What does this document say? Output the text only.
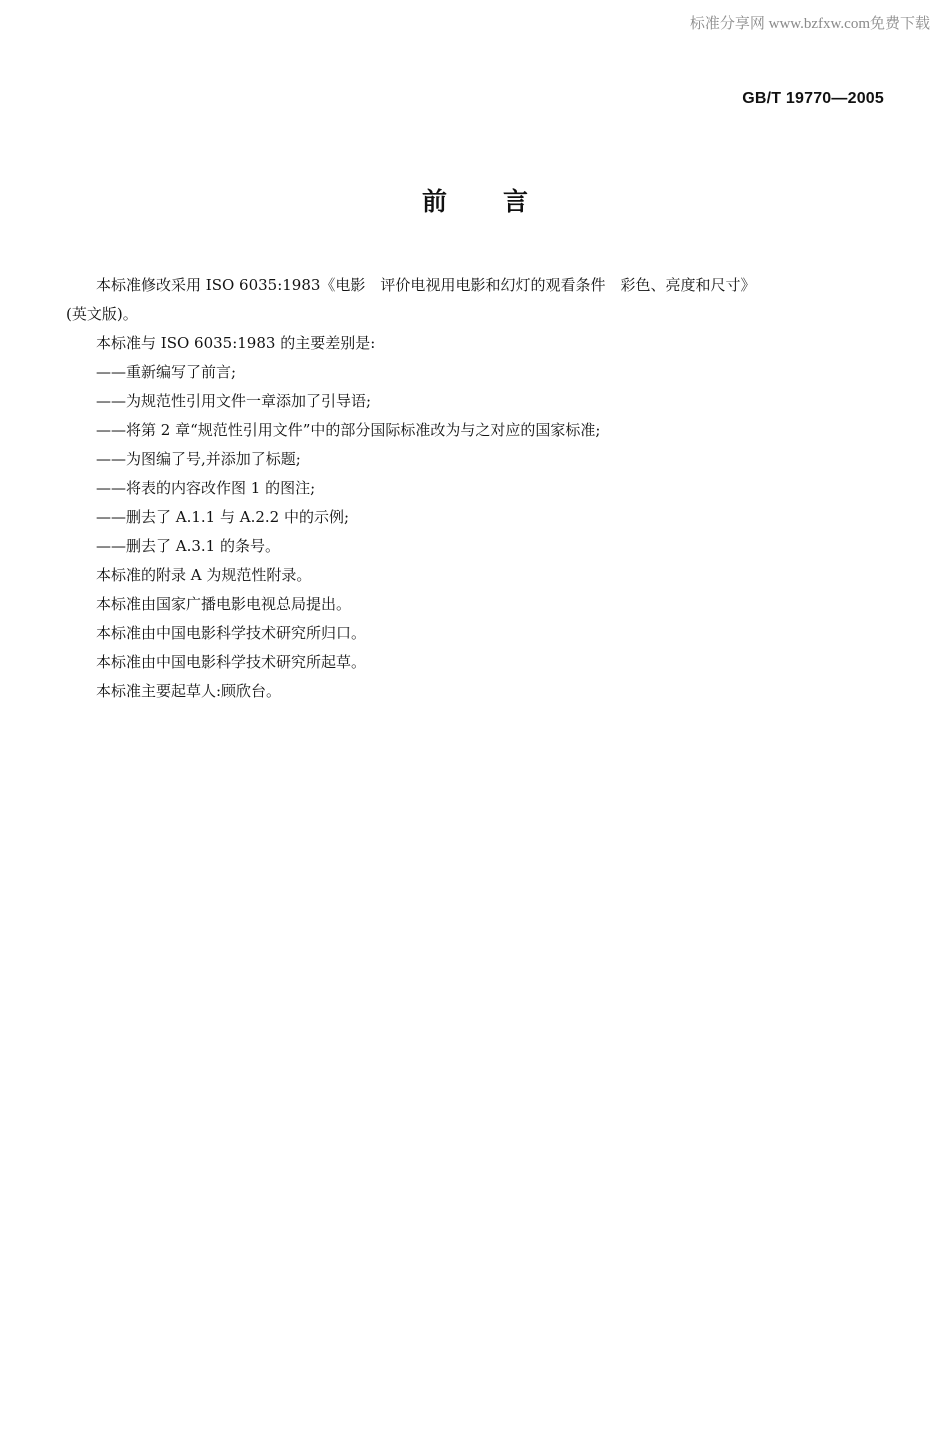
标准分享网 www.bzfxw.com免费下载
GB/T 19770—2005
前言

本标准修改采用 ISO 6035:1983《电影　评价电视用电影和幻灯的观看条件　彩色、亮度和尺寸》
(英文版)。

本标准与 ISO 6035:1983 的主要差别是:

——重新编写了前言;

——为规范性引用文件一章添加了引导语;

——将第 2 章“规范性引用文件”中的部分国际标准改为与之对应的国家标准;

——为图编了号,并添加了标题;

——将表的内容改作图 1 的图注;

——删去了 A.1.1 与 A.2.2 中的示例;

——删去了 A.3.1 的条号。

本标准的附录 A 为规范性附录。

本标准由国家广播电影电视总局提出。

本标准由中国电影科学技术研究所归口。

本标准由中国电影科学技术研究所起草。

本标准主要起草人:顾欣台。
